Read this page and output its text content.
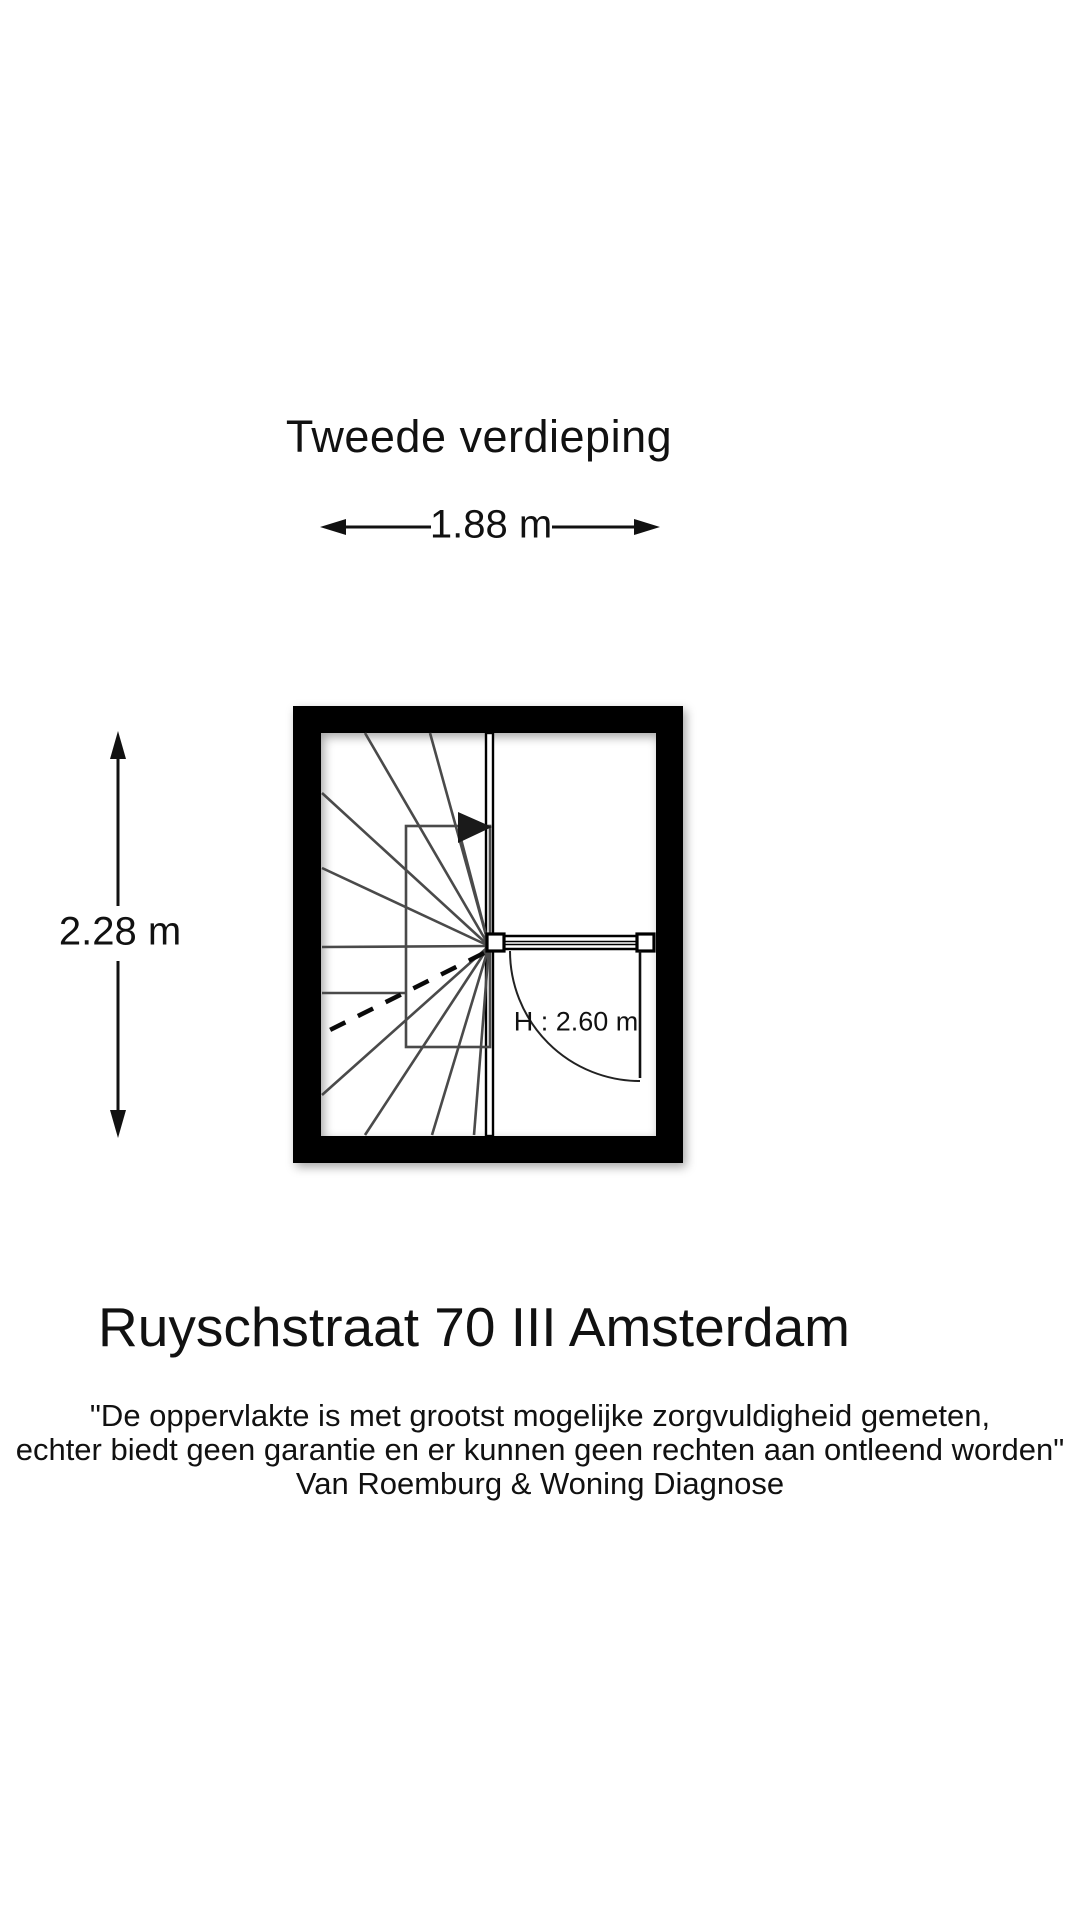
Tweede verdieping
1.88 m
2.28 m
H : 2.60 m
Ruyschstraat 70 III Amsterdam
"De oppervlakte is met grootst mogelijke zorgvuldigheid gemeten,
echter biedt geen garantie en er kunnen geen rechten aan ontleend worden"
Van Roemburg & Woning Diagnose
